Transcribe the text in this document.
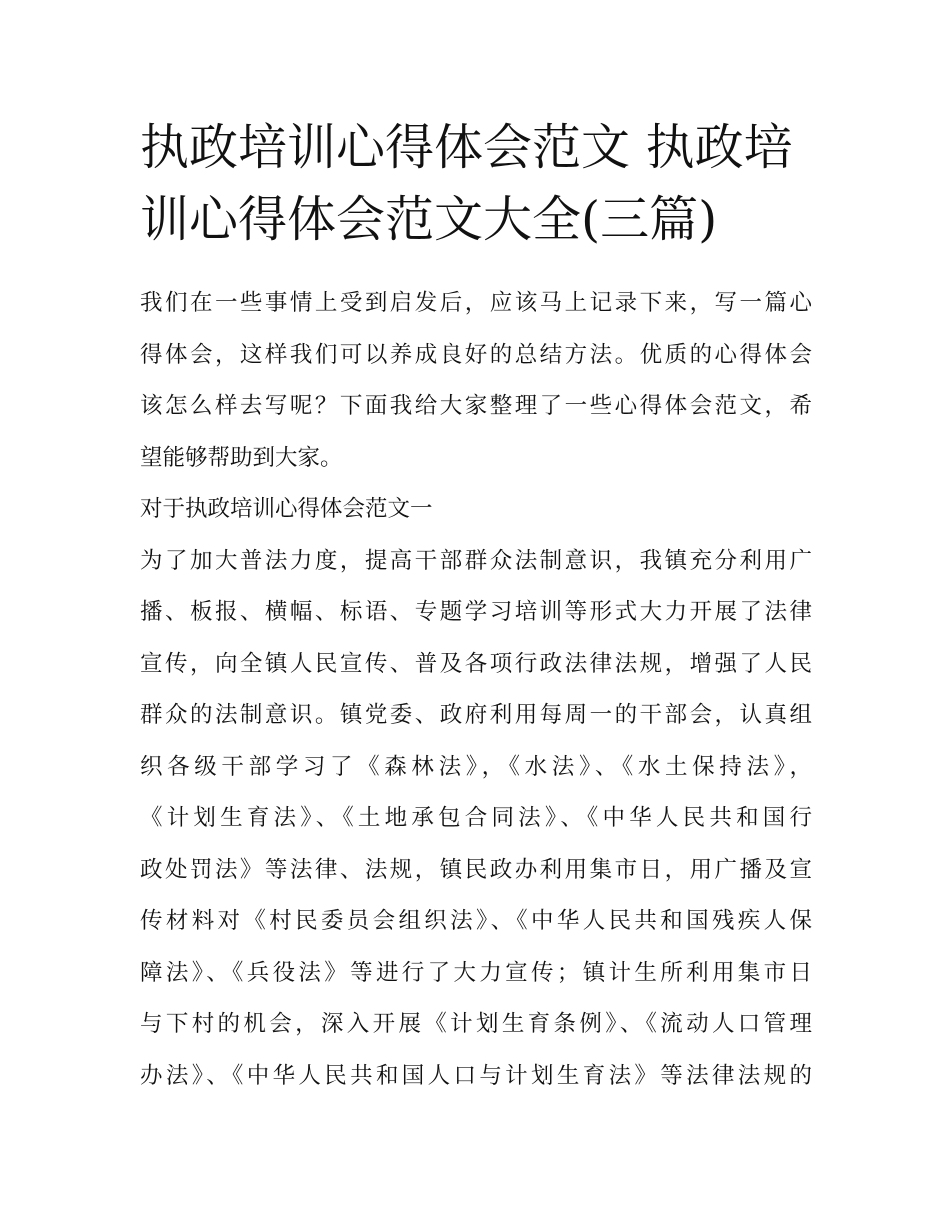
执政培训心得体会范文 执政培
训心得体会范文大全(三篇)
我们在一些事情上受到启发后，应该马上记录下来，写一篇心
得体会，这样我们可以养成良好的总结方法。优质的心得体会
该怎么样去写呢？下面我给大家整理了一些心得体会范文，希
望能够帮助到大家。
对于执政培训心得体会范文一
为了加大普法力度，提高干部群众法制意识，我镇充分利用广
播、板报、横幅、标语、专题学习培训等形式大力开展了法律
宣传，向全镇人民宣传、普及各项行政法律法规，增强了人民
群众的法制意识。镇党委、政府利用每周一的干部会，认真组
织各级干部学习了《森林法》，《水法》、《水土保持法》，
《计划生育法》、《土地承包合同法》、《中华人民共和国行
政处罚法》等法律、法规，镇民政办利用集市日，用广播及宣
传材料对《村民委员会组织法》、《中华人民共和国残疾人保
障法》、《兵役法》等进行了大力宣传；镇计生所利用集市日
与下村的机会，深入开展《计划生育条例》、《流动人口管理
办法》、《中华人民共和国人口与计划生育法》等法律法规的
